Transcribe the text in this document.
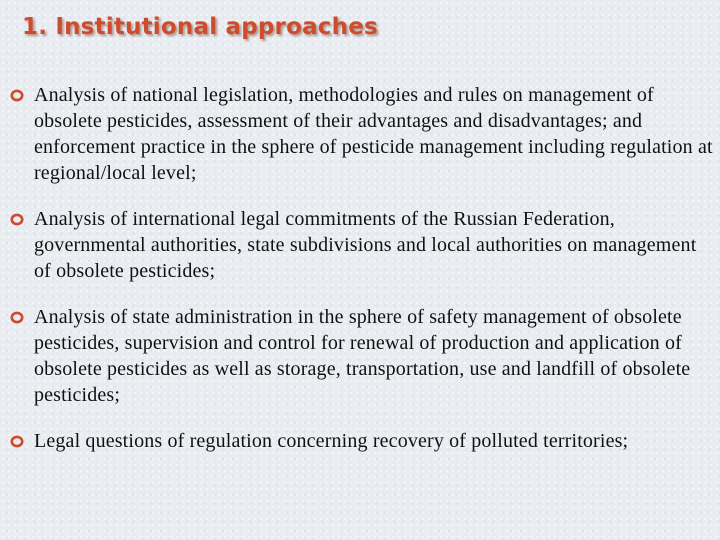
1. Institutional approaches
Analysis of national legislation, methodologies and rules on management of obsolete pesticides, assessment of their advantages and disadvantages; and enforcement practice in the sphere of pesticide management including regulation at regional/local level;
Analysis of international legal commitments of the Russian Federation, governmental authorities, state subdivisions and local authorities on management of obsolete pesticides;
Analysis of state administration in the sphere of safety management of obsolete pesticides, supervision and control for renewal of production and application of obsolete pesticides as well as storage, transportation, use and landfill of obsolete pesticides;
Legal questions of regulation concerning recovery of polluted territories;
